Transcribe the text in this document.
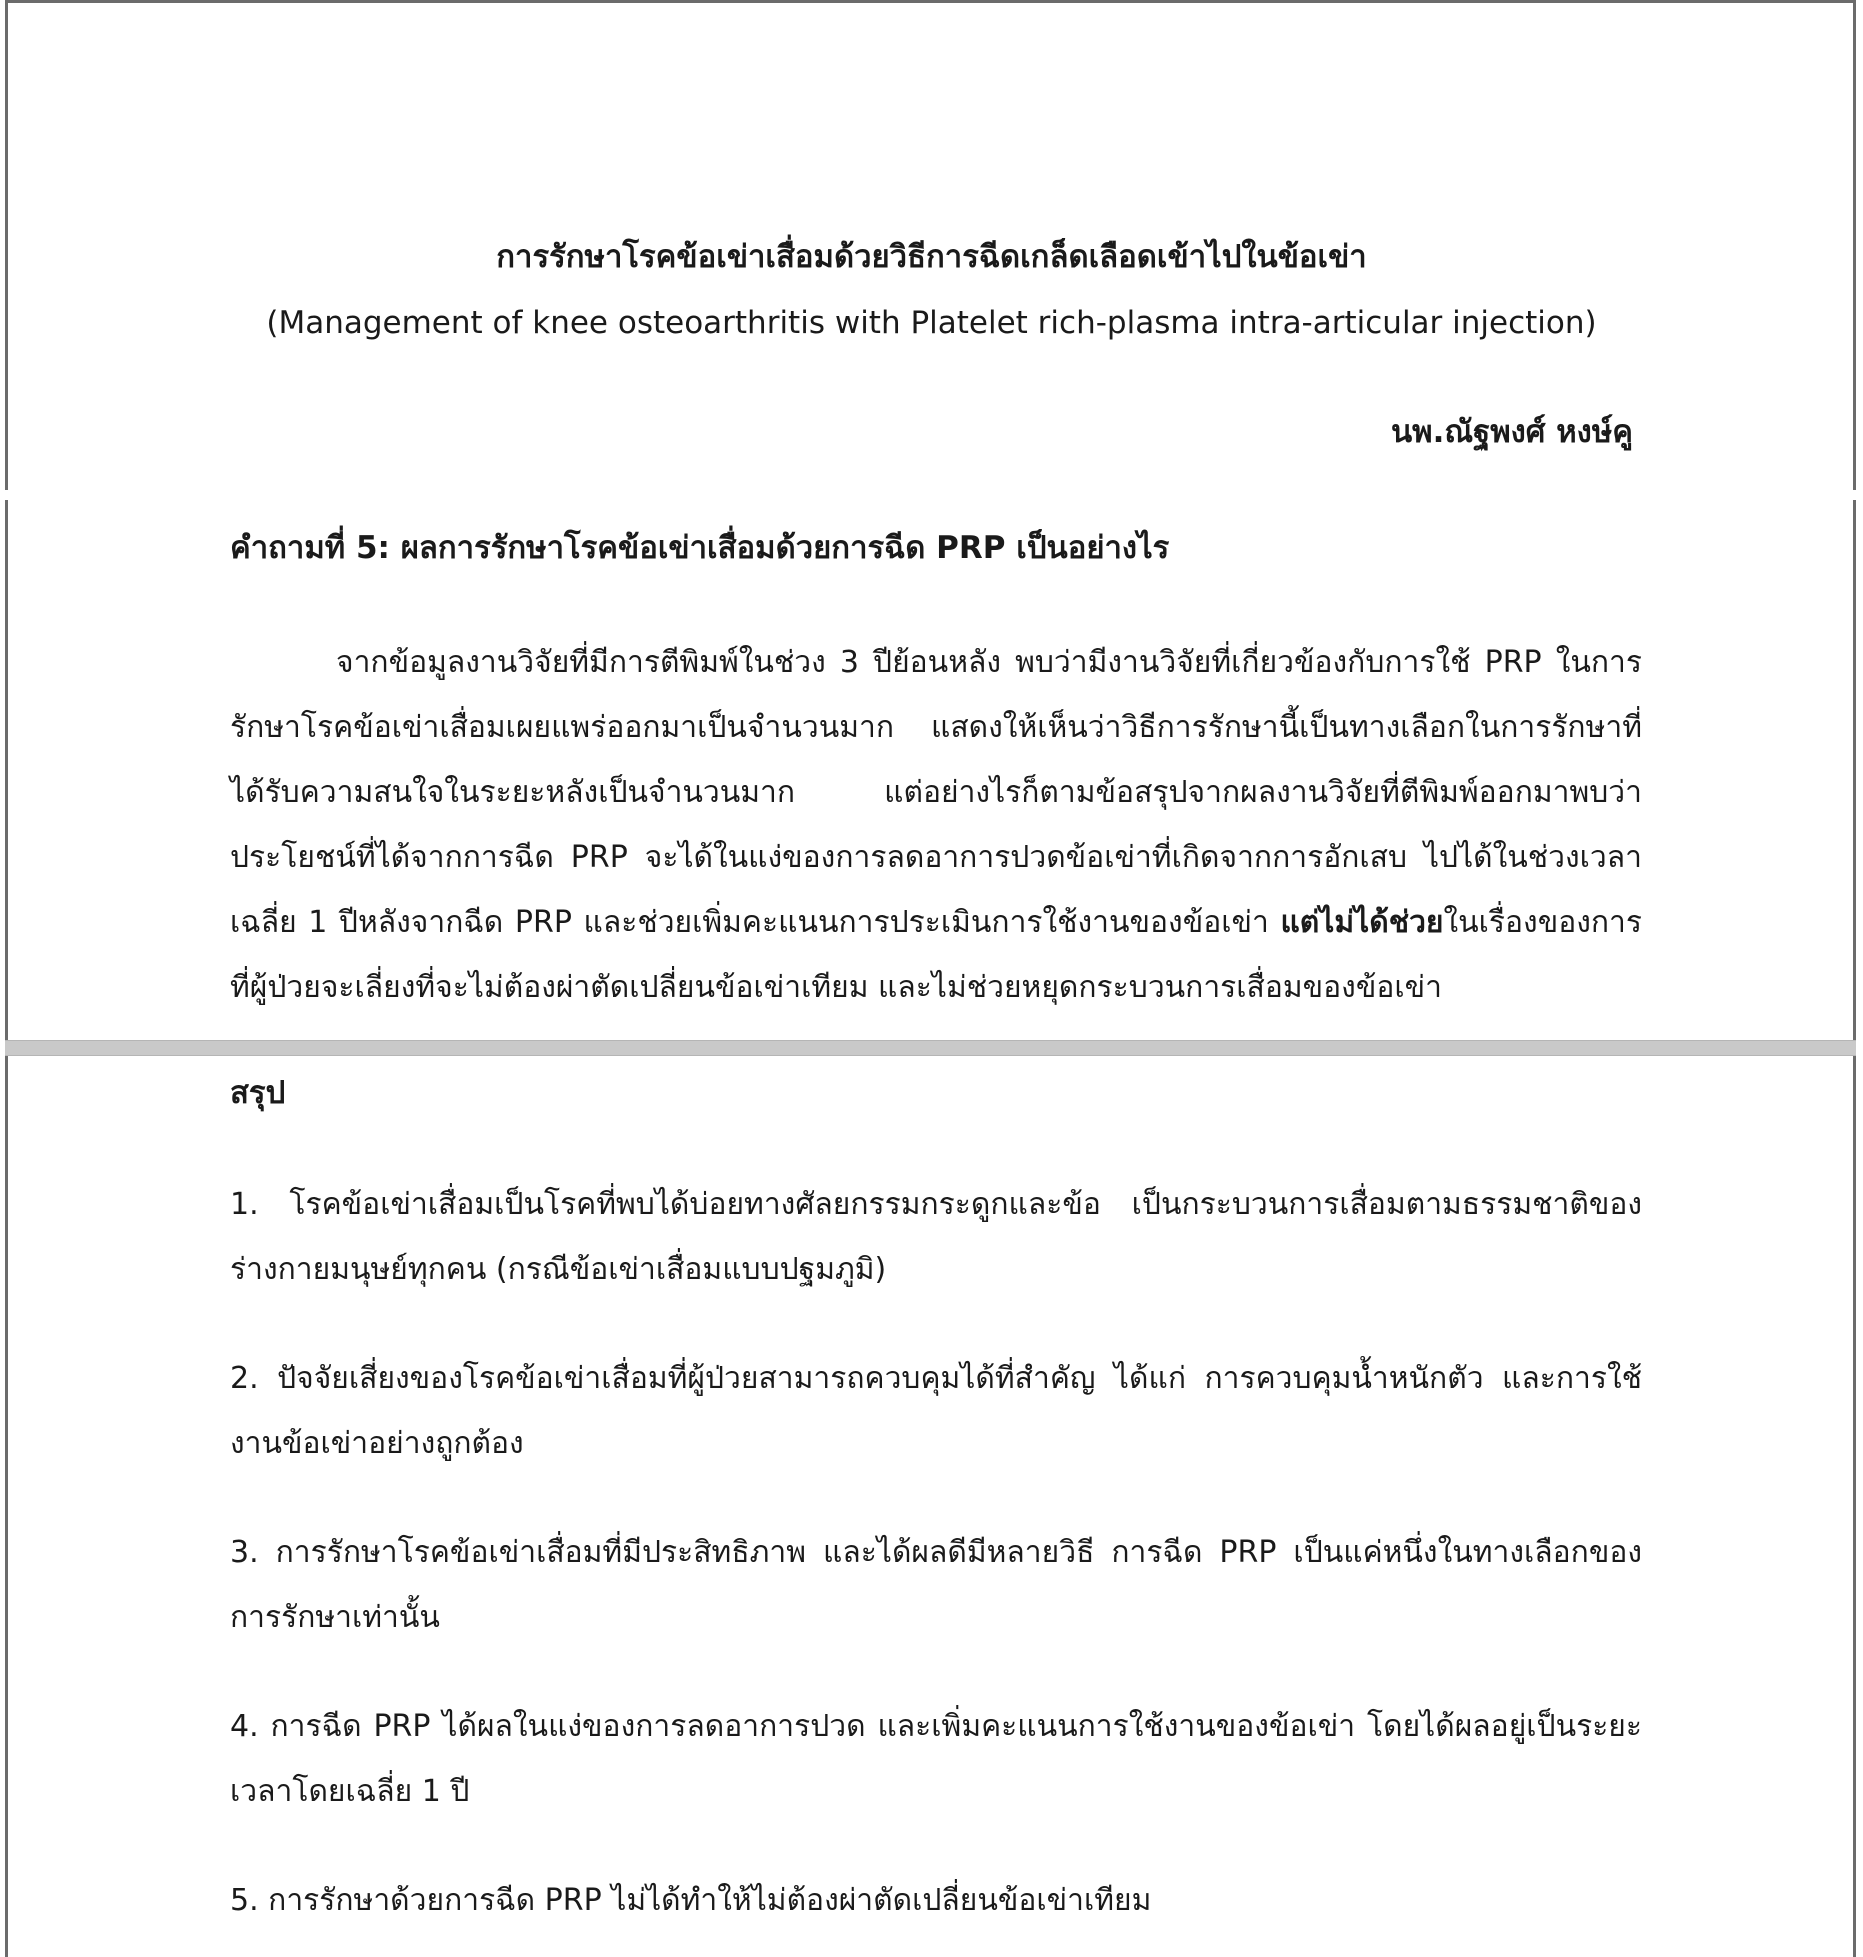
การรักษาโรคข้อเข่าเสื่อมด้วยวิธีการฉีดเกล็ดเลือดเข้าไปในข้อเข่า
(Management of knee osteoarthritis with Platelet rich-plasma intra-articular injection)
นพ.ณัฐพงศ์ หงษ์คู
คำถามที่ 5: ผลการรักษาโรคข้อเข่าเสื่อมด้วยการฉีด PRP เป็นอย่างไร
จากข้อมูลงานวิจัยที่มีการตีพิมพ์ในช่วง 3 ปีย้อนหลัง พบว่ามีงานวิจัยที่เกี่ยวข้องกับการใช้ PRP ในการรักษาโรคข้อเข่าเสื่อมเผยแพร่ออกมาเป็นจำนวนมาก แสดงให้เห็นว่าวิธีการรักษานี้เป็นทางเลือกในการรักษาที่ได้รับความสนใจในระยะหลังเป็นจำนวนมาก แต่อย่างไรก็ตามข้อสรุปจากผลงานวิจัยที่ตีพิมพ์ออกมาพบว่า ประโยชน์ที่ได้จากการฉีด PRP จะได้ในแง่ของการลดอาการปวดข้อเข่าที่เกิดจากการอักเสบ ไปได้ในช่วงเวลาเฉลี่ย 1 ปีหลังจากฉีด PRP และช่วยเพิ่มคะแนนการประเมินการใช้งานของข้อเข่า แต่ไม่ได้ช่วยในเรื่องของการที่ผู้ป่วยจะเลี่ยงที่จะไม่ต้องผ่าตัดเปลี่ยนข้อเข่าเทียม และไม่ช่วยหยุดกระบวนการเสื่อมของข้อเข่า
สรุป
1. โรคข้อเข่าเสื่อมเป็นโรคที่พบได้บ่อยทางศัลยกรรมกระดูกและข้อ เป็นกระบวนการเสื่อมตามธรรมชาติของร่างกายมนุษย์ทุกคน (กรณีข้อเข่าเสื่อมแบบปฐมภูมิ)
2. ปัจจัยเสี่ยงของโรคข้อเข่าเสื่อมที่ผู้ป่วยสามารถควบคุมได้ที่สำคัญ ได้แก่ การควบคุมน้ำหนักตัว และการใช้งานข้อเข่าอย่างถูกต้อง
3. การรักษาโรคข้อเข่าเสื่อมที่มีประสิทธิภาพ และได้ผลดีมีหลายวิธี การฉีด PRP เป็นแค่หนึ่งในทางเลือกของการรักษาเท่านั้น
4. การฉีด PRP ได้ผลในแง่ของการลดอาการปวด และเพิ่มคะแนนการใช้งานของข้อเข่า โดยได้ผลอยู่เป็นระยะเวลาโดยเฉลี่ย 1 ปี
5. การรักษาด้วยการฉีด PRP ไม่ได้ทำให้ไม่ต้องผ่าตัดเปลี่ยนข้อเข่าเทียม
